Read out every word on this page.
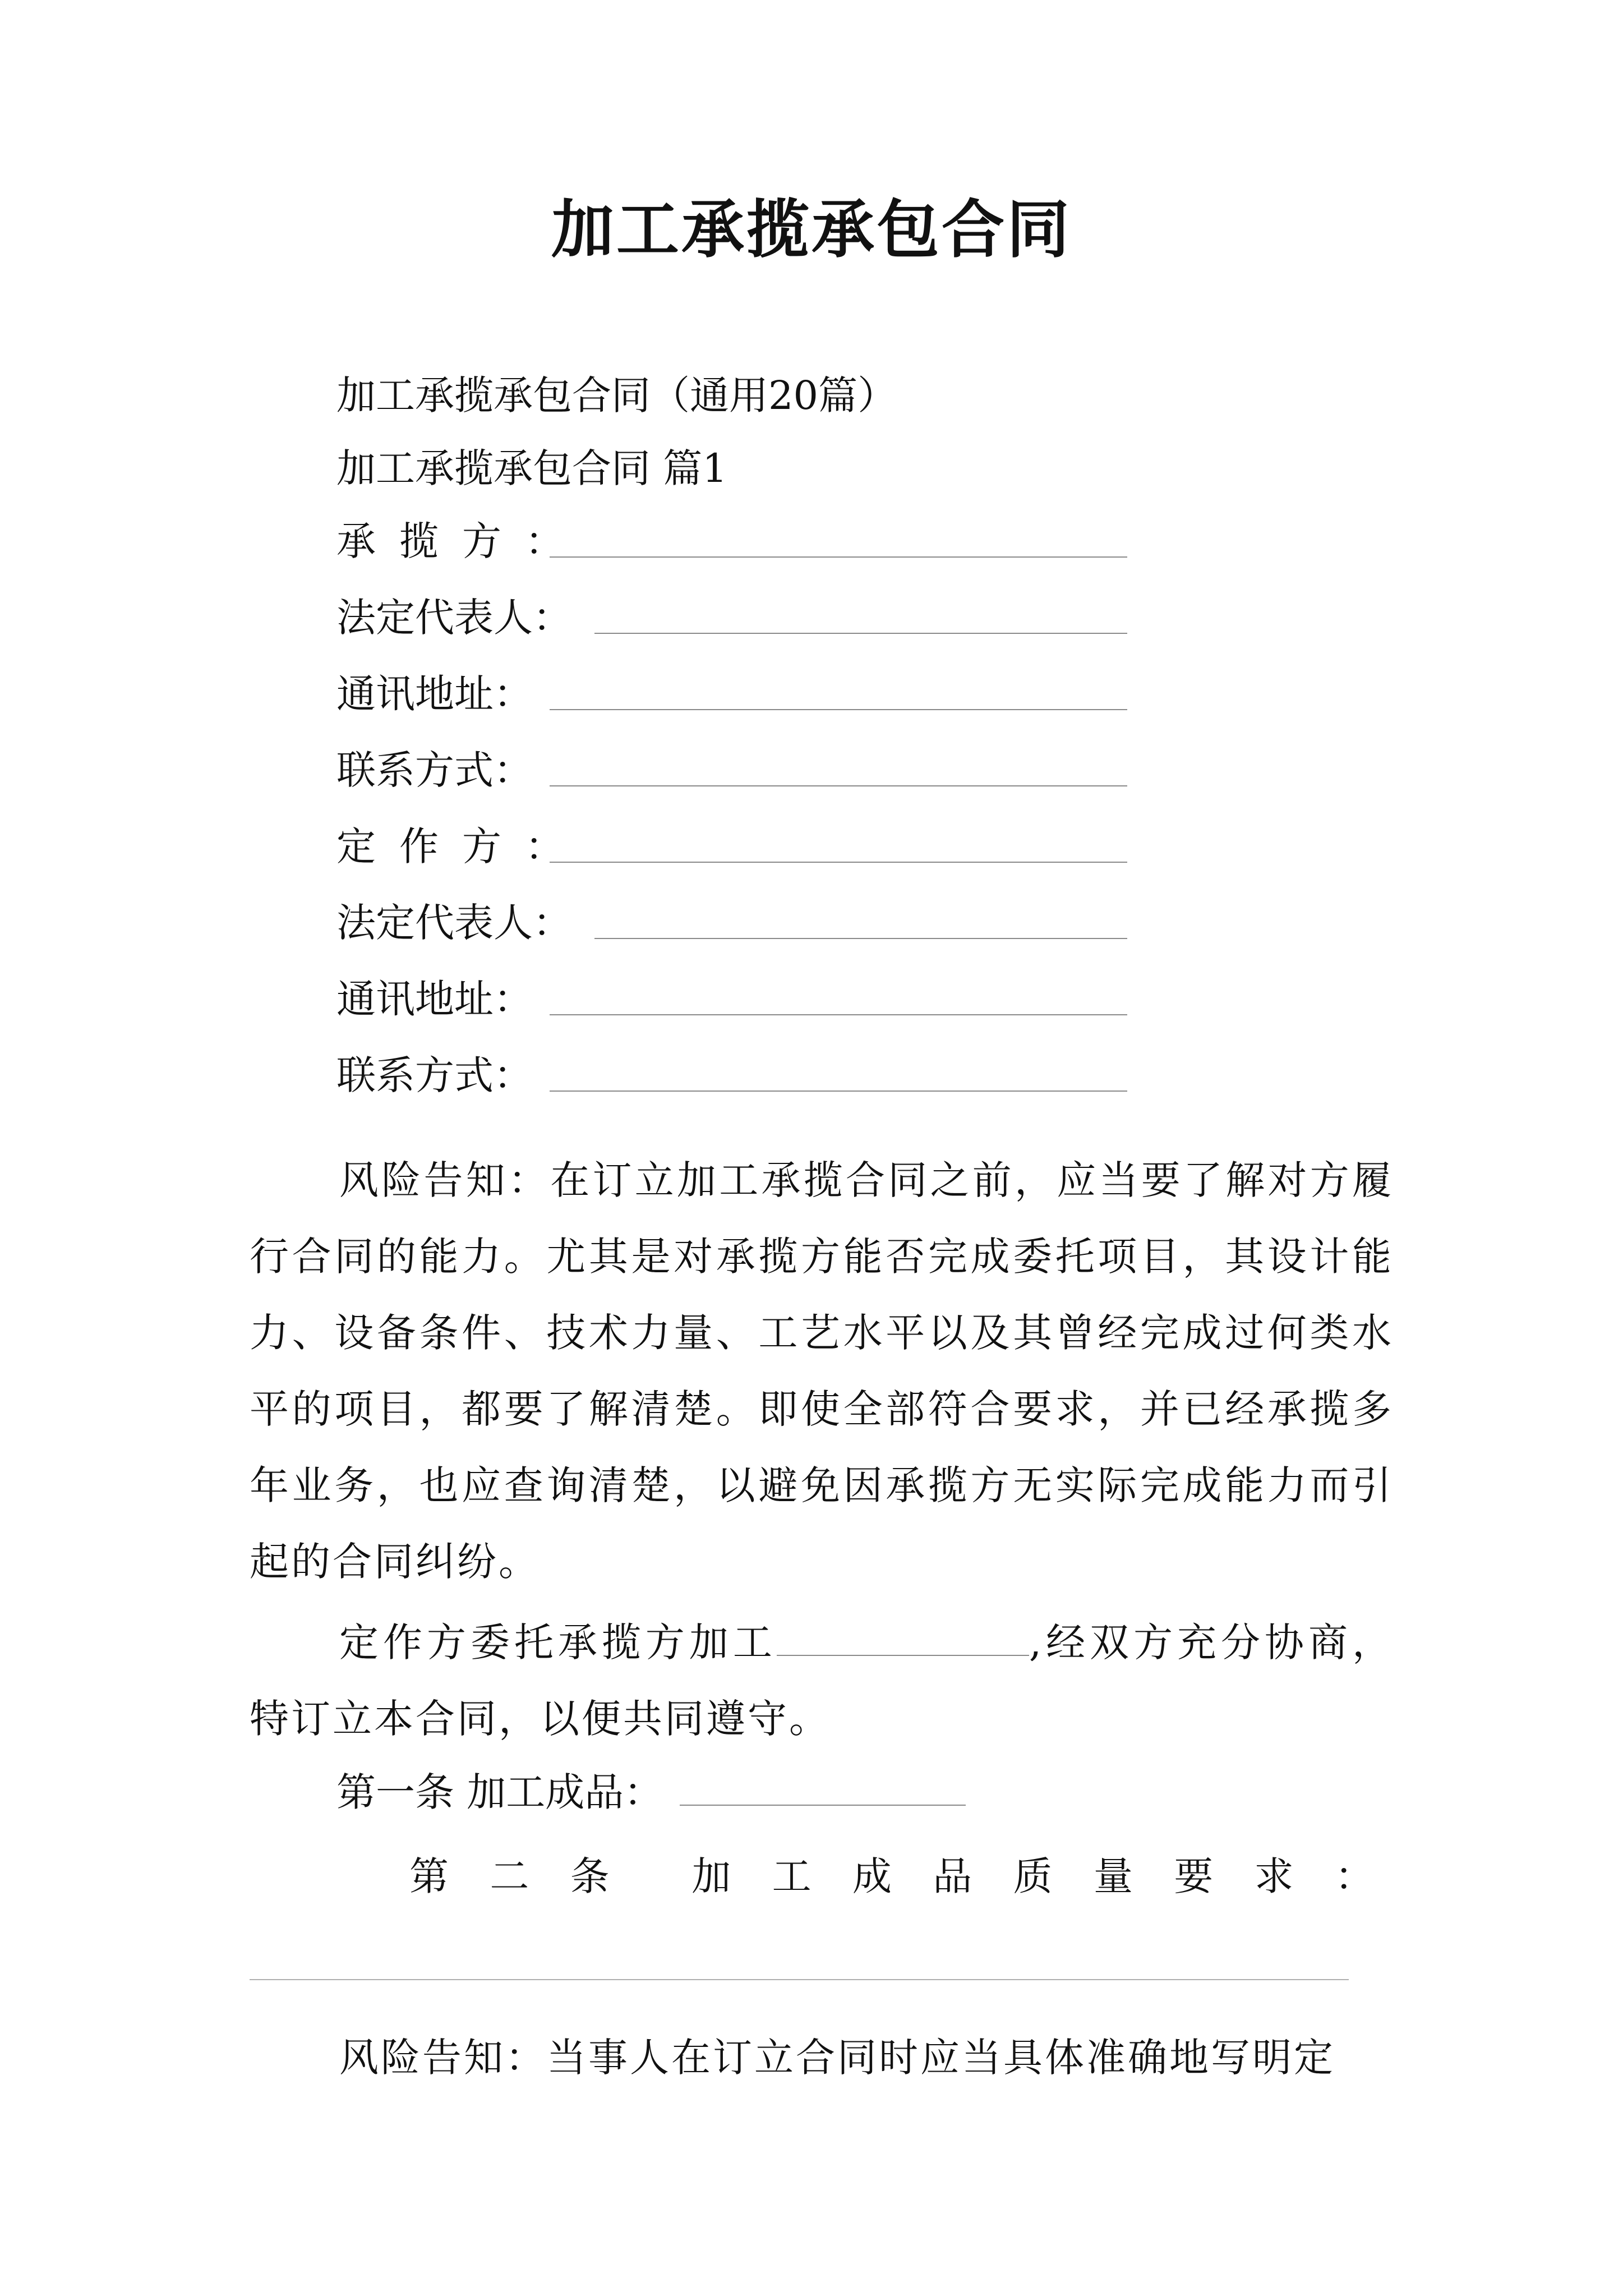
加工承揽承包合同
加工承揽承包合同（通用20篇）
加工承揽承包合同 篇1
承揽方：
法定代表人：
通讯地址：
联系方式：
定作方：
法定代表人：
通讯地址：
联系方式：
风险告知：在订立加工承揽合同之前，应当要了解对方履行合同的能力。尤其是对承揽方能否完成委托项目，其设计能力、设备条件、技术力量、工艺水平以及其曾经完成过何类水平的项目，都要了解清楚。即使全部符合要求，并已经承揽多年业务，也应查询清楚，以避免因承揽方无实际完成能力而引起的合同纠纷。
定作方委托承揽方加工	,经双方充分协商，特订立本合同，以便共同遵守。
第一条 加工成品：
第 二 条 加 工 成 品 质 量 要 求 ：
风险告知：当事人在订立合同时应当具体准确地写明定
